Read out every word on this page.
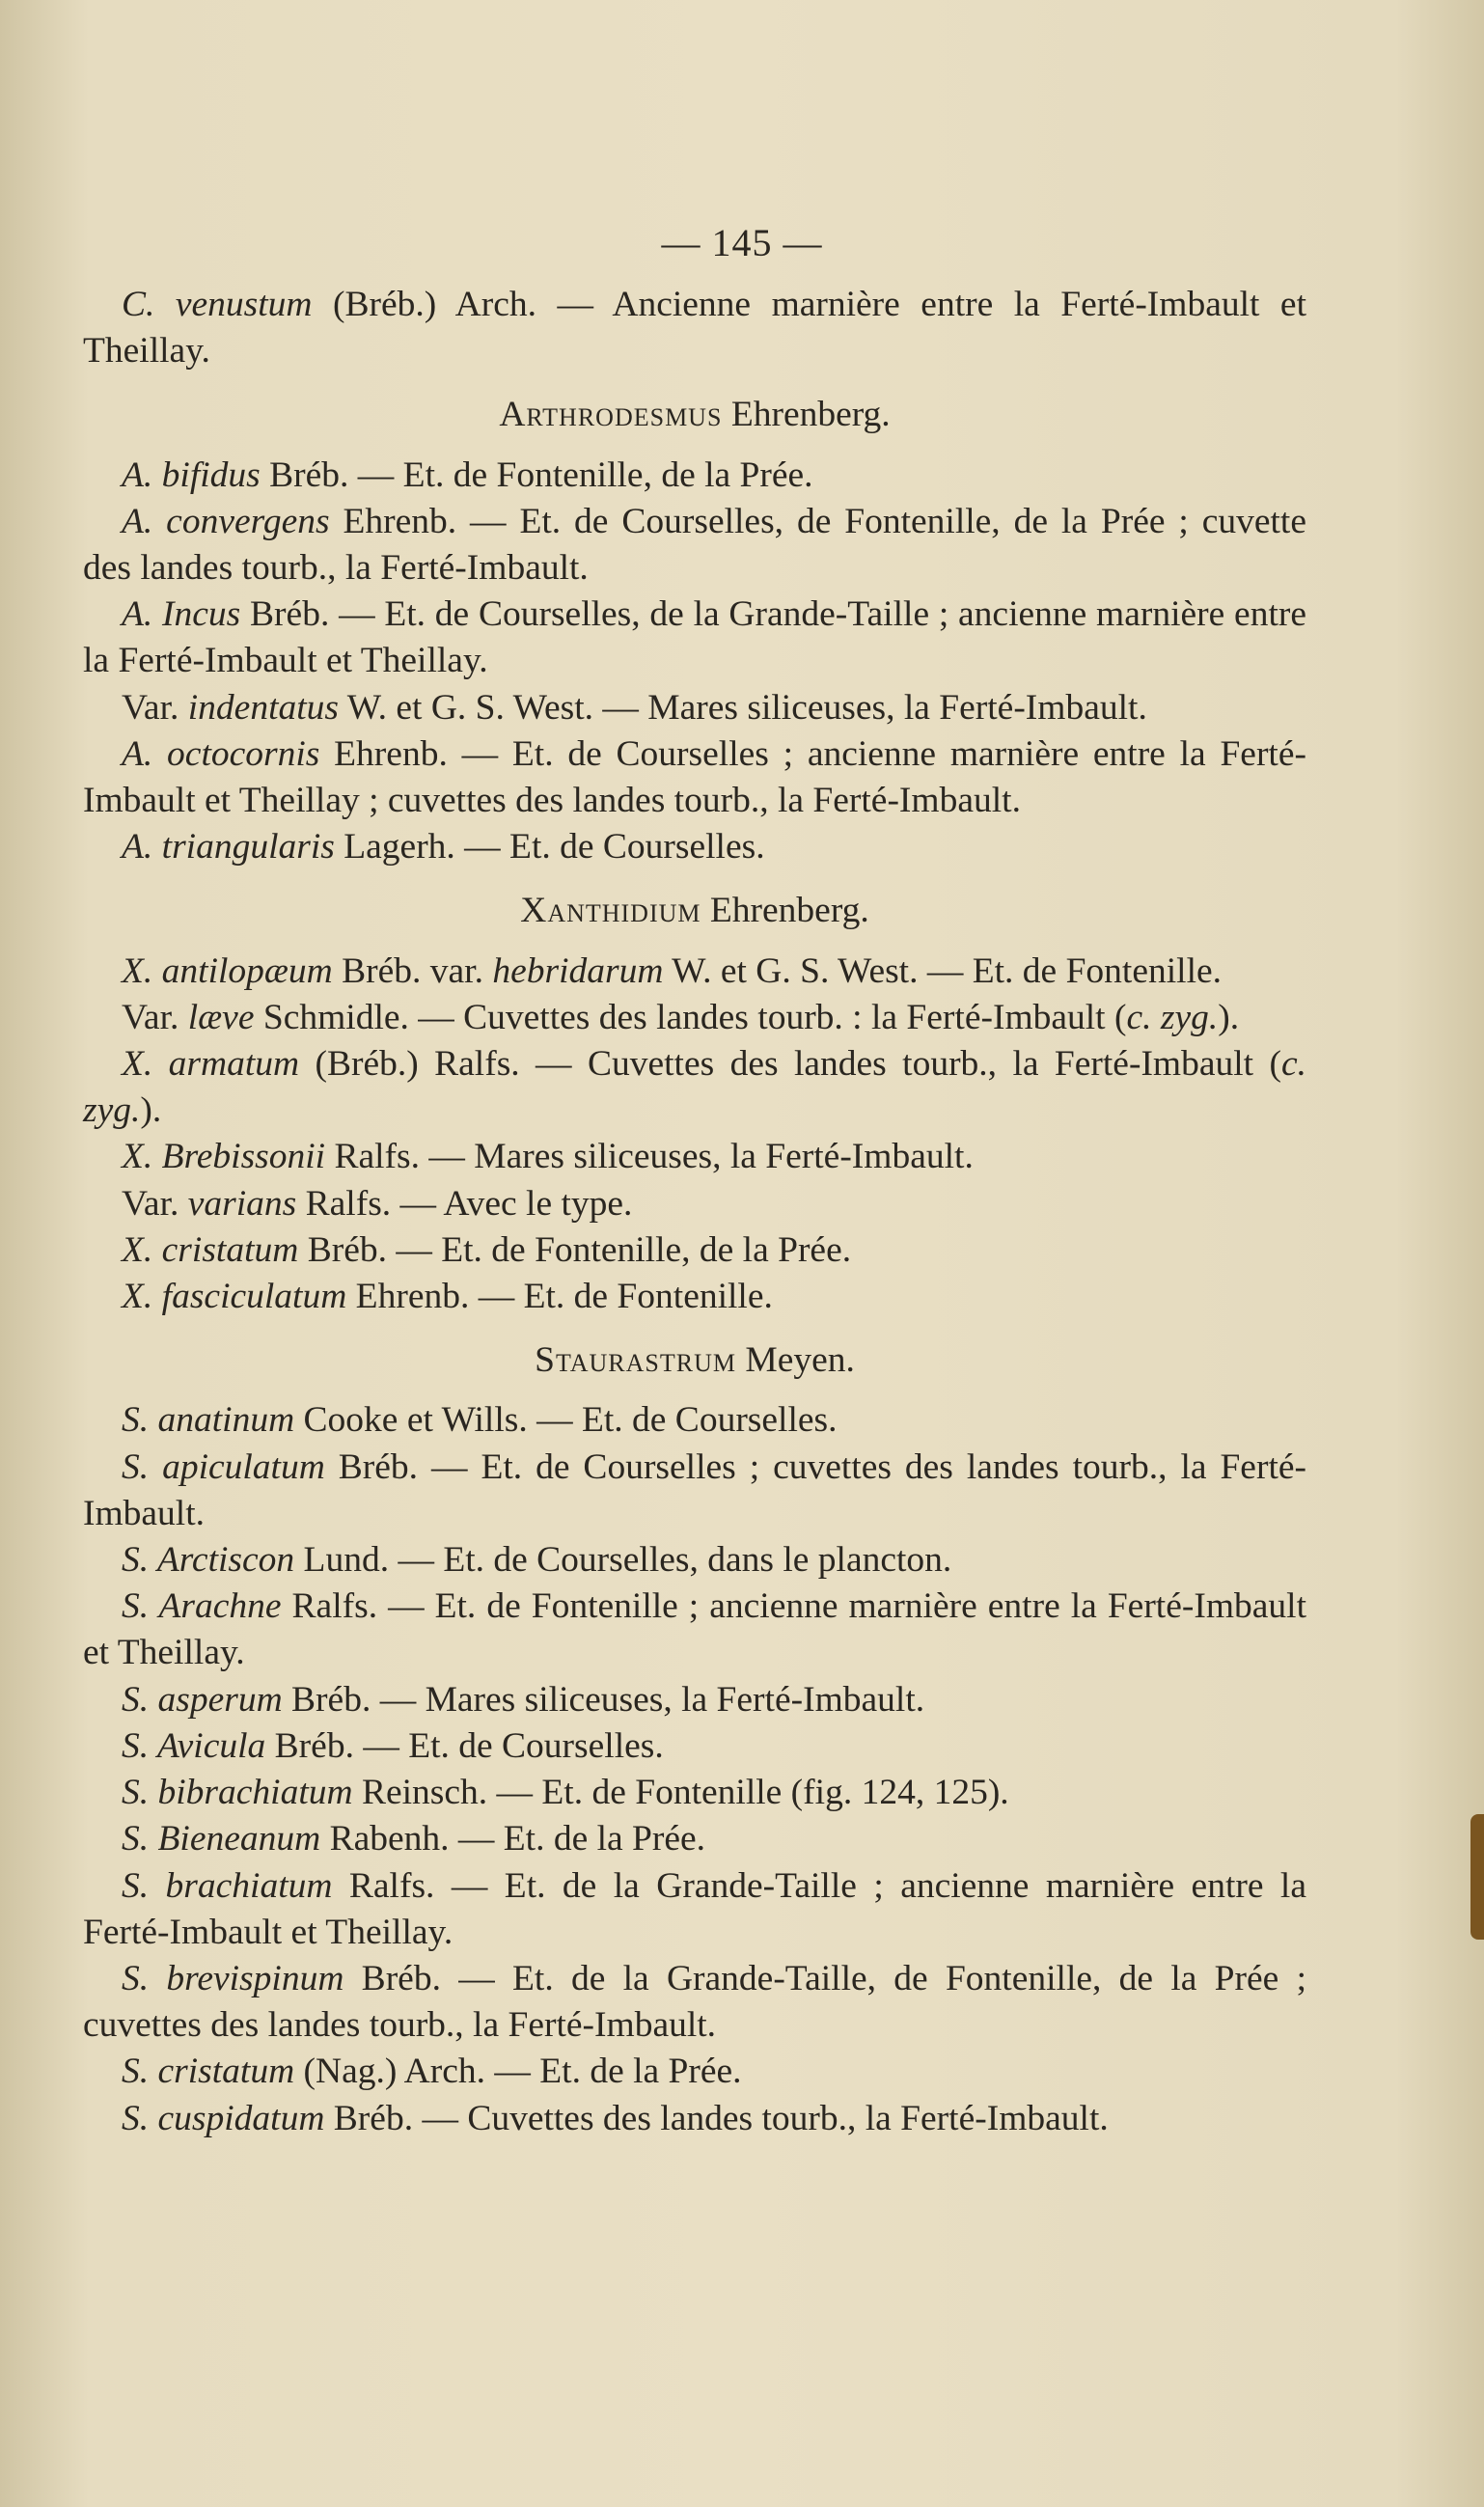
— 145 —

C. venustum (Bréb.) Arch. — Ancienne marnière entre la Ferté-Imbault et Theillay.

Arthrodesmus Ehrenberg.

A. bifidus Bréb. — Et. de Fontenille, de la Prée.

A. convergens Ehrenb. — Et. de Courselles, de Fontenille, de la Prée ; cuvette des landes tourb., la Ferté-Imbault.

A. Incus Bréb. — Et. de Courselles, de la Grande-Taille ; ancienne marnière entre la Ferté-Imbault et Theillay.

Var. indentatus W. et G. S. West. — Mares siliceuses, la Ferté-Imbault.

A. octocornis Ehrenb. — Et. de Courselles ; ancienne marnière entre la Ferté-Imbault et Theillay ; cuvettes des landes tourb., la Ferté-Imbault.

A. triangularis Lagerh. — Et. de Courselles.

Xanthidium Ehrenberg.

X. antilopæum Bréb. var. hebridarum W. et G. S. West. — Et. de Fontenille.

Var. læve Schmidle. — Cuvettes des landes tourb. : la Ferté-Imbault (c. zyg.).

X. armatum (Bréb.) Ralfs. — Cuvettes des landes tourb., la Ferté-Imbault (c. zyg.).

X. Brebissonii Ralfs. — Mares siliceuses, la Ferté-Imbault.

Var. varians Ralfs. — Avec le type.

X. cristatum Bréb. — Et. de Fontenille, de la Prée.

X. fasciculatum Ehrenb. — Et. de Fontenille.

Staurastrum Meyen.

S. anatinum Cooke et Wills. — Et. de Courselles.

S. apiculatum Bréb. — Et. de Courselles ; cuvettes des landes tourb., la Ferté-Imbault.

S. Arctiscon Lund. — Et. de Courselles, dans le plancton.

S. Arachne Ralfs. — Et. de Fontenille ; ancienne marnière entre la Ferté-Imbault et Theillay.

S. asperum Bréb. — Mares siliceuses, la Ferté-Imbault.

S. Avicula Bréb. — Et. de Courselles.

S. bibrachiatum Reinsch. — Et. de Fontenille (fig. 124, 125).

S. Bieneanum Rabenh. — Et. de la Prée.

S. brachiatum Ralfs. — Et. de la Grande-Taille ; ancienne marnière entre la Ferté-Imbault et Theillay.

S. brevispinum Bréb. — Et. de la Grande-Taille, de Fontenille, de la Prée ; cuvettes des landes tourb., la Ferté-Imbault.

S. cristatum (Nag.) Arch. — Et. de la Prée.

S. cuspidatum Bréb. — Cuvettes des landes tourb., la Ferté-Imbault.
